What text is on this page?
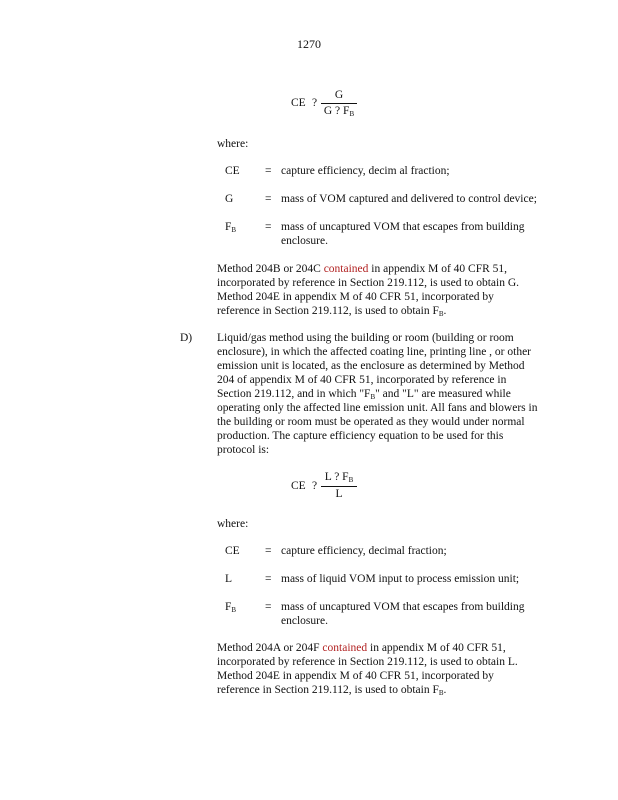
1270
CE ?
G
G ? $F_B$
where:
CE = capture efficiency, decim al fraction;
G	= mass of VOM captured and delivered to control device;
$F_B$	= mass of uncaptured VOM that escapes from building enclosure.
Method 204B or 204C contained in appendix M of 40 CFR 51, incorporated by reference in Section 219.112, is used to obtain G. Method 204E in appendix M of 40 CFR 51, incorporated by reference in Section 219.112, is used to obtain $F_B$.
D) Liquid/gas method using the building or room (building or room enclosure), in which the affected coating line, printing line , or other emission unit is located, as the enclosure as determined by Method 204 of appendix M of 40 CFR 51, incorporated by reference in Section 219.112, and in which "$F_B$" and "L" are measured while operating only the affected line emission unit. All fans and blowers in the building or room must be operated as they would under normal production. The capture efficiency equation to be used for this protocol is:
CE ?
L ? $F_B$
L
where:
CE = capture efficiency, decimal fraction;
L	= mass of liquid VOM input to process emission unit;
$F_B$	= mass of uncaptured VOM that escapes from building enclosure.
Method 204A or 204F contained in appendix M of 40 CFR 51, incorporated by reference in Section 219.112, is used to obtain L. Method 204E in appendix M of 40 CFR 51, incorporated by reference in Section 219.112, is used to obtain $F_B$.
